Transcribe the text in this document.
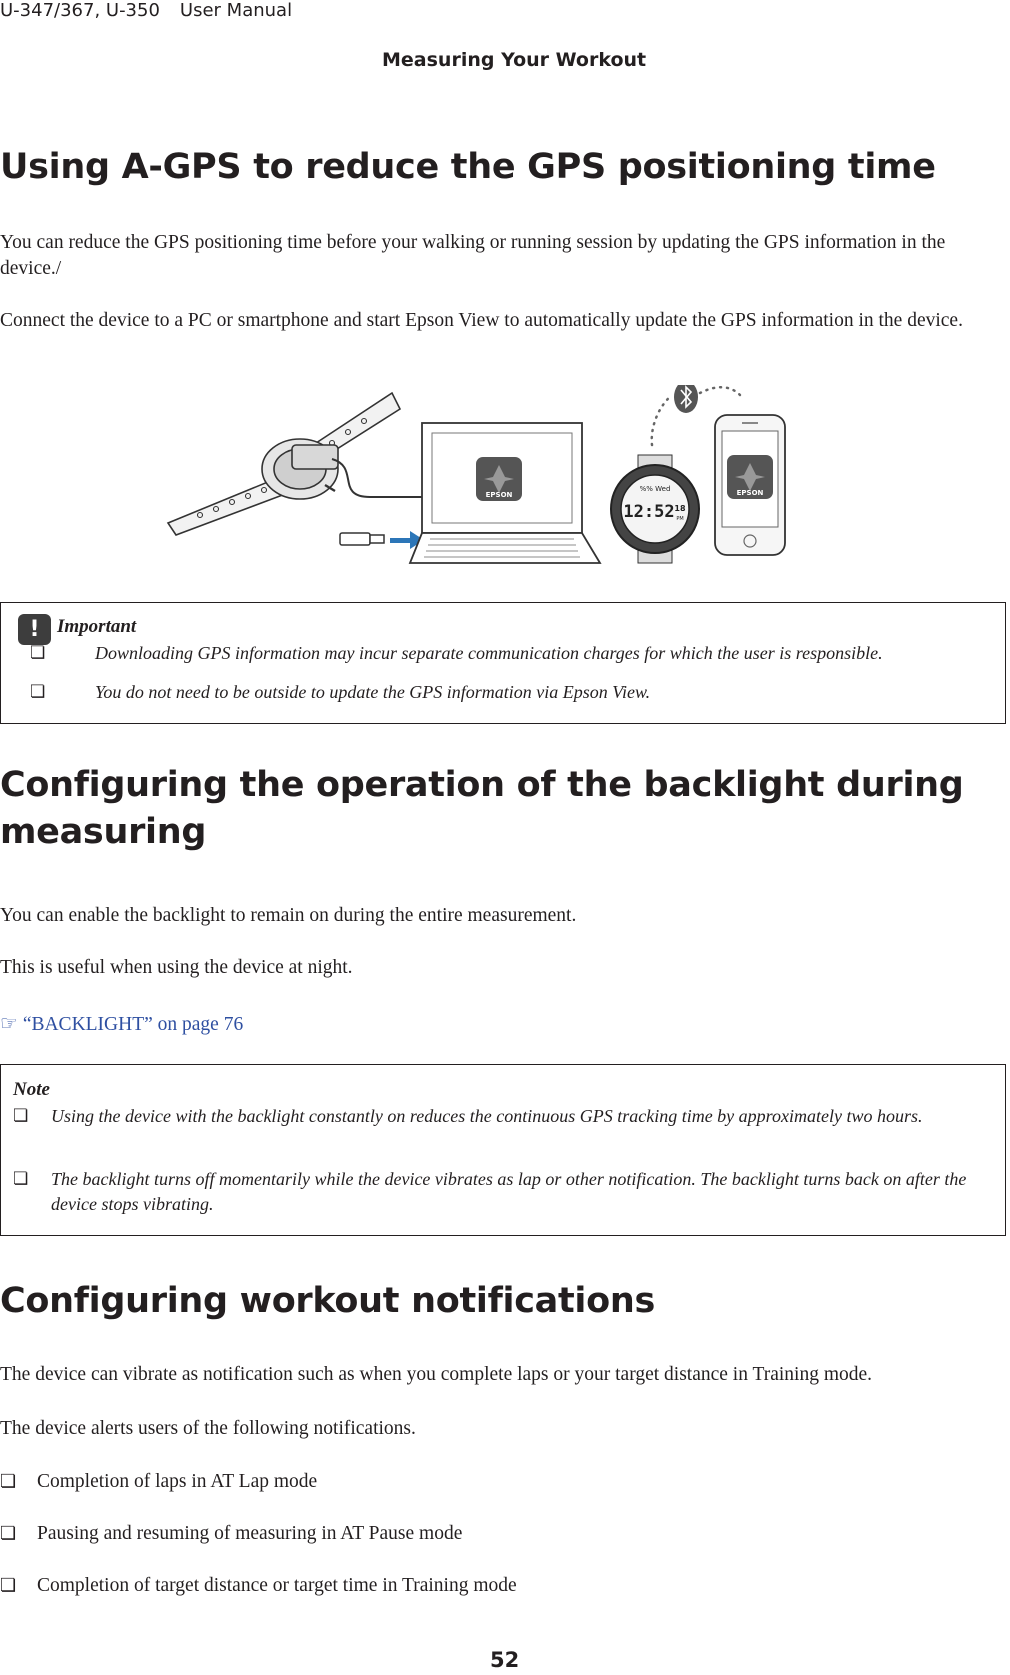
U-347/367, U-350 User Manual
Measuring Your Workout
Using A-GPS to reduce the GPS positioning time

You can reduce the GPS positioning time before your walking or running session by updating the GPS information in the device./

Connect the device to a PC or smartphone and start Epson View to automatically update the GPS information in the device.

EPSON
%% Wed
12:52 18
PM
EPSON
! Important
❏	Downloading GPS information may incur separate communication charges for which the user is responsible.
❏	You do not need to be outside to update the GPS information via Epson View.
Configuring the operation of the backlight during
measuring

You can enable the backlight to remain on during the entire measurement.

This is useful when using the device at night.

☞ “BACKLIGHT” on page 76

Note
❏ Using the device with the backlight constantly on reduces the continuous GPS tracking time by approximately two hours.
❏ The backlight turns off momentarily while the device vibrates as lap or other notification. The backlight turns back on after the device stops vibrating.
Configuring workout notifications

The device can vibrate as notification such as when you complete laps or your target distance in Training mode.

The device alerts users of the following notifications.

❏ Completion of laps in AT Lap mode
❏ Pausing and resuming of measuring in AT Pause mode
❏ Completion of target distance or target time in Training mode
52
